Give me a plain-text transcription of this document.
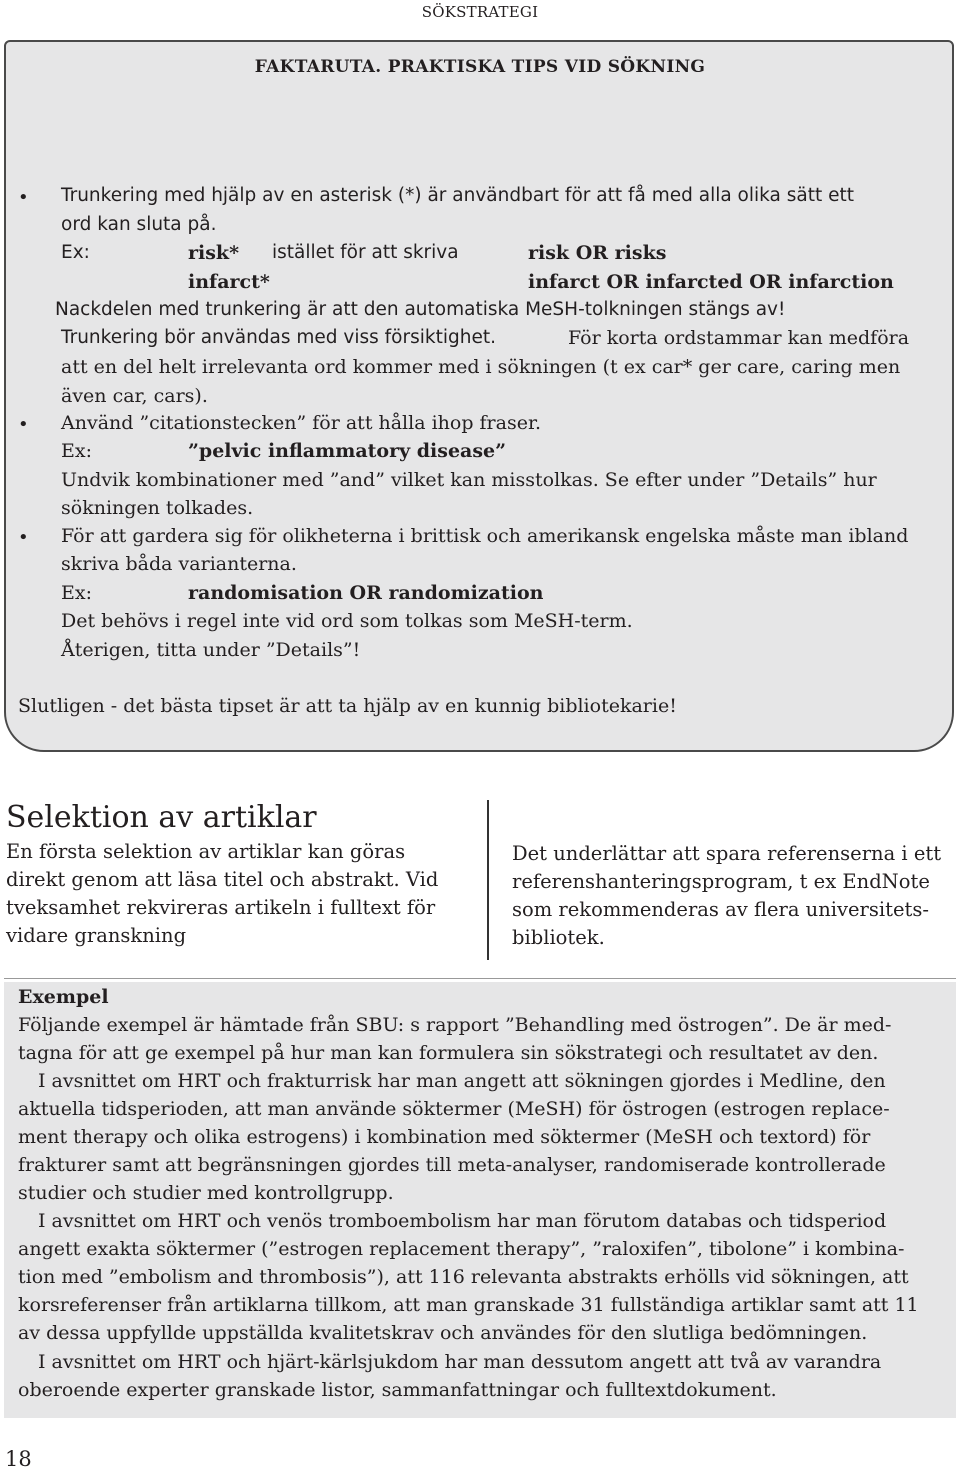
SÖKSTRATEGI
FAKTARUTA. PRAKTISKA TIPS VID SÖKNING
• Trunkering med hjälp av en asterisk (*) är användbart för att få med alla olika sätt ett
ord kan sluta på.
Ex:	risk* istället för att skriva	risk OR risks
infarct*	infarct OR infarcted OR infarction
Nackdelen med trunkering är att den automatiska MeSH-tolkningen stängs av!
Trunkering bör användas med viss försiktighet.	För korta ordstammar kan medföra
att en del helt irrelevanta ord kommer med i sökningen (t ex car* ger care, caring men
även car, cars).
• Använd ”citationstecken” för att hålla ihop fraser.
Ex:	”pelvic inflammatory disease”
Undvik kombinationer med ”and” vilket kan misstolkas. Se efter under ”Details” hur
sökningen tolkades.
• För att gardera sig för olikheterna i brittisk och amerikansk engelska måste man ibland
skriva båda varianterna.
Ex:	randomisation OR randomization
Det behövs i regel inte vid ord som tolkas som MeSH-term.
Återigen, titta under ”Details”!
Slutligen - det bästa tipset är att ta hjälp av en kunnig bibliotekarie!
Selektion av artiklar
En första selektion av artiklar kan göras
direkt genom att läsa titel och abstrakt. Vid
tveksamhet rekvireras artikeln i fulltext för
vidare granskning
Det underlättar att spara referenserna i ett
referenshanteringsprogram, t ex EndNote
som rekommenderas av flera universitets-
bibliotek.
Exempel
Följande exempel är hämtade från SBU: s rapport ”Behandling med östrogen”. De är med-
tagna för att ge exempel på hur man kan formulera sin sökstrategi och resultatet av den.
I avsnittet om HRT och frakturrisk har man angett att sökningen gjordes i Medline, den
aktuella tidsperioden, att man använde söktermer (MeSH) för östrogen (estrogen replace-
ment therapy och olika estrogens) i kombination med söktermer (MeSH och textord) för
frakturer samt att begränsningen gjordes till meta-analyser, randomiserade kontrollerade
studier och studier med kontrollgrupp.
I avsnittet om HRT och venös tromboembolism har man förutom databas och tidsperiod
angett exakta söktermer (”estrogen replacement therapy”, ”raloxifen”, tibolone” i kombina-
tion med ”embolism and thrombosis”), att 116 relevanta abstrakts erhölls vid sökningen, att
korsreferenser från artiklarna tillkom, att man granskade 31 fullständiga artiklar samt att 11
av dessa uppfyllde uppställda kvalitetskrav och användes för den slutliga bedömningen.
I avsnittet om HRT och hjärt-kärlsjukdom har man dessutom angett att två av varandra
oberoende experter granskade listor, sammanfattningar och fulltextdokument.
18
